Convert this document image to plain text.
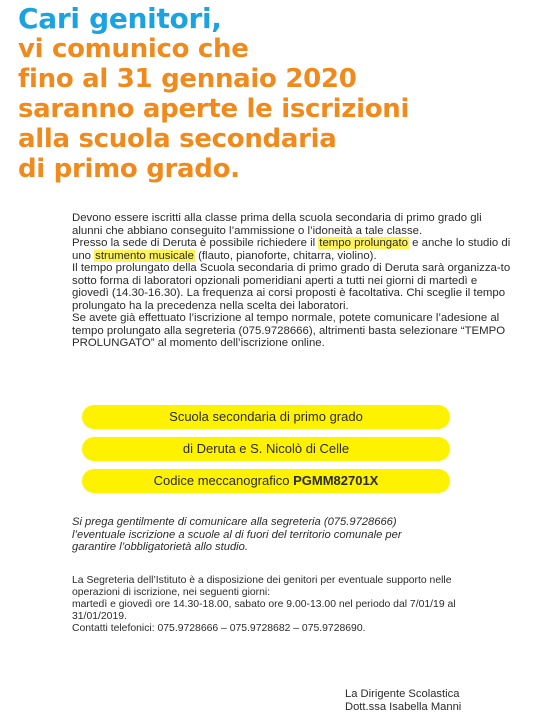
Cari genitori,
vi comunico che
fino al 31 gennaio 2020
saranno aperte le iscrizioni
alla scuola secondaria
di primo grado.

Devono essere iscritti alla classe prima della scuola secondaria di primo grado gli alunni che abbiano conseguito l’ammissione o l’idoneità a tale classe.

Presso la sede di Deruta è possibile richiedere il tempo prolungato e anche lo studio di uno strumento musicale (flauto, pianoforte, chitarra, violino).

Il tempo prolungato della Scuola secondaria di primo grado di Deruta sarà organizza-to sotto forma di laboratori opzionali pomeridiani aperti a tutti nei giorni di martedì e giovedì (14.30-16.30). La frequenza ai corsi proposti è facoltativa. Chi sceglie il tempo prolungato ha la precedenza nella scelta dei laboratori.

Se avete già effettuato l’iscrizione al tempo normale, potete comunicare l’adesione al tempo prolungato alla segreteria (075.9728666), altrimenti basta selezionare “TEMPO PROLUNGATO” al momento dell’iscrizione online.

Scuola secondaria di primo grado
di Deruta e S. Nicolò di Celle
Codice meccanografico PGMM82701X

Si prega gentilmente di comunicare alla segreteria (075.9728666) l’eventuale iscrizione a scuole al di fuori del territorio comunale per garantire l’obbligatorietà allo studio.

La Segreteria dell’Istituto è a disposizione dei genitori per eventuale supporto nelle operazioni di iscrizione, nei seguenti giorni:

martedì e giovedì ore 14.30-18.00, sabato ore 9.00-13.00 nel periodo dal 7/01/19 al 31/01/2019.

Contatti telefonici: 075.9728666 – 075.9728682 – 075.9728690.

La Dirigente Scolastica
Dott.ssa Isabella Manni
